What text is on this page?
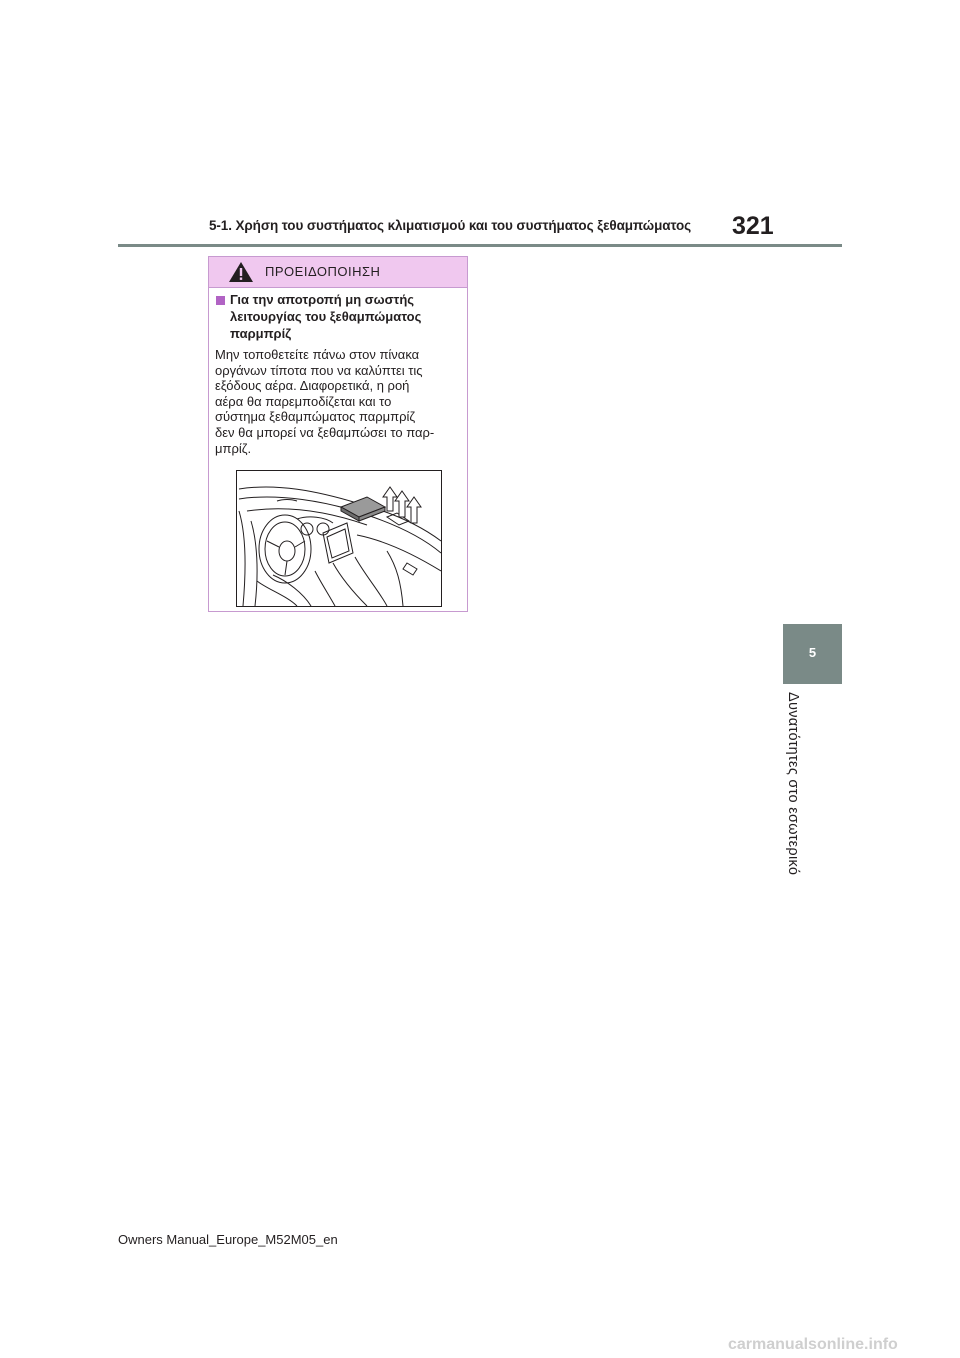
5-1. Χρήση του συστήματος κλιματισμού και του συστήματος ξεθαμπώματος	321
ΠΡΟΕΙΔΟΠΟΙΗΣΗ
Για την αποτροπή μη σωστής
λειτουργίας του ξεθαμπώματος
παρμπρίζ
Μην τοποθετείτε πάνω στον πίνακα
οργάνων τίποτα που να καλύπτει τις
εξόδους αέρα. Διαφορετικά, η ροή
αέρα θα παρεμποδίζεται και το
σύστημα ξεθαμπώματος παρμπρίζ
δεν θα μπορεί να ξεθαμπώσει το παρ-
μπρίζ.
5
Δυνατότητες στο εσωτερικό
Owners Manual_Europe_M52M05_en
carmanualsonline.info
